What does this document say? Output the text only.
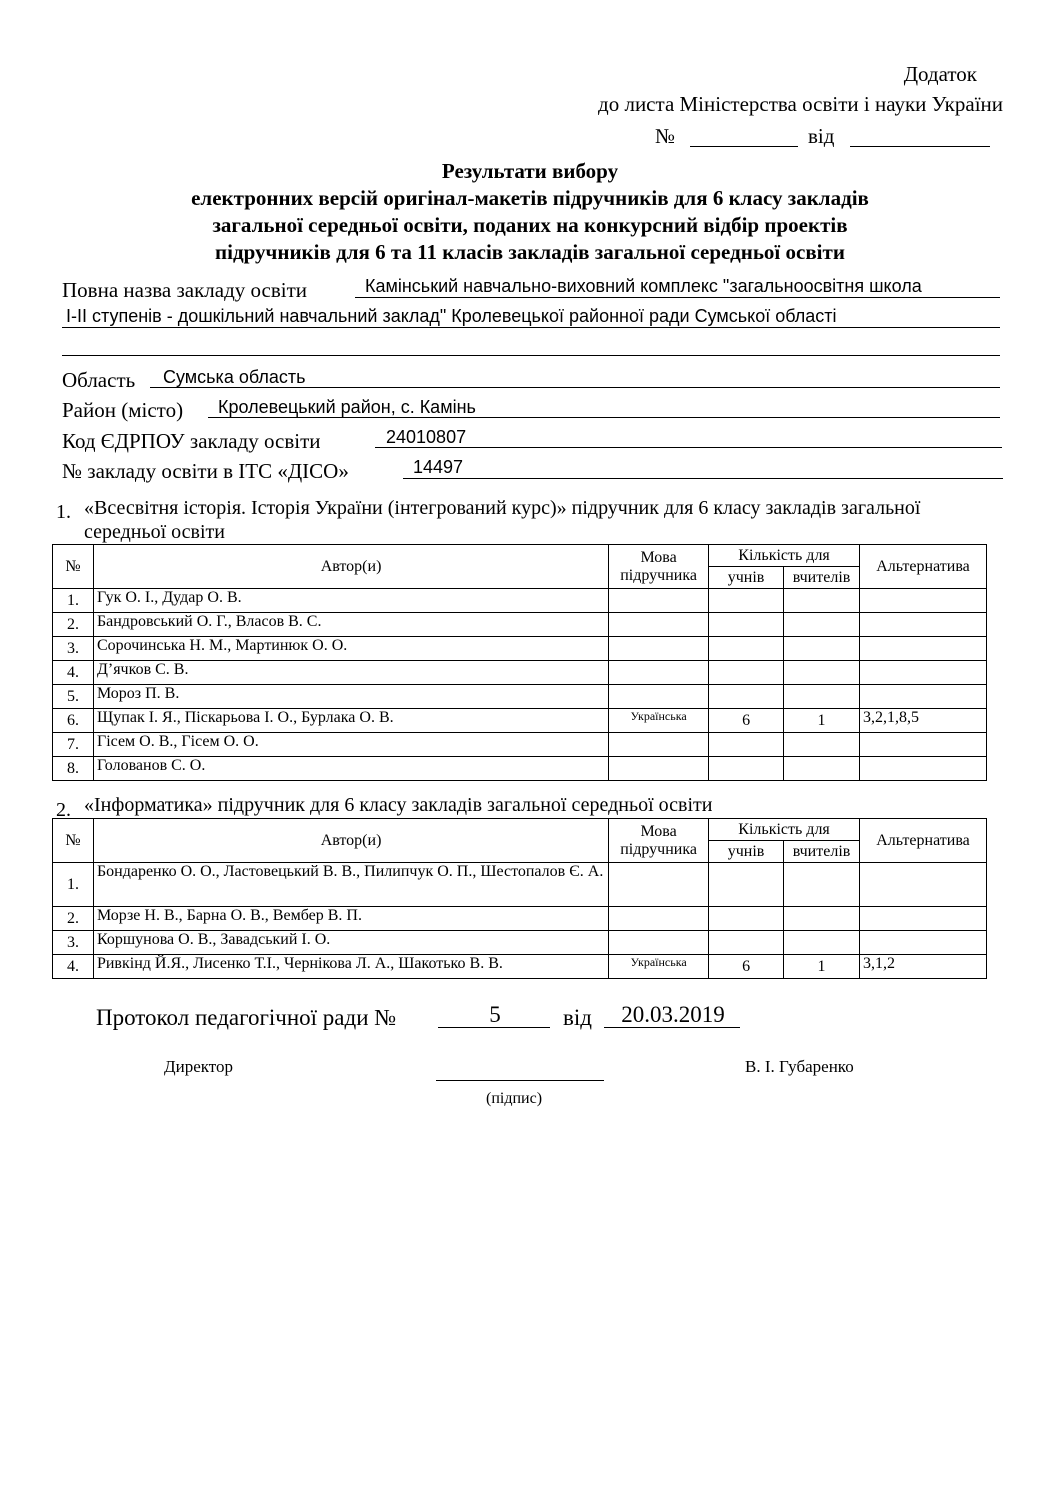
Додаток
до листа Міністерства освіти і науки України
№	від
Результати вибору
електронних версій оригінал-макетів підручників для 6 класу закладів
загальної середньої освіти, поданих на конкурсний відбір проектів
підручників для 6 та 11 класів закладів загальної середньої освіти
Повна назва закладу освіти	Камінський навчально-виховний комплекс "загальноосвітня школа
І-ІІ ступенів - дошкільний навчальний заклад" Кролевецької районної ради Сумської області
Область Сумська область
Район (місто) Кролевецький район, с. Камінь
Код ЄДРПОУ закладу освіти	24010807
№ закладу освіти в ІТС «ДІСО»	14497
1. «Всесвітня історія. Історія України (інтегрований курс)» підручник для 6 класу закладів загальної середньої освіти
№	Автор(и)	Мова підручника	Кількість для		Альтернатива
			учнів	вчителів	
1.	Гук О. І., Дудар О. В.				
2.	Бандровський О. Г., Власов В. С.				
3.	Сорочинська Н. М., Мартинюк О. О.				
4.	Д’ячков С. В.				
5.	Мороз П. В.				
6.	Щупак І. Я., Піскарьова І. О., Бурлака О. В.	Українська	6	1	3,2,1,8,5
7.	Гісем О. В., Гісем О. О.				
8.	Голованов С. О.				
2. «Інформатика» підручник для 6 класу закладів загальної середньої освіти
№	Автор(и)	Мова підручника	Кількість для		Альтернатива
			учнів	вчителів	
1.	Бондаренко О. О., Ластовецький В. В., Пилипчук О. П., Шестопалов Є. А.				
2.	Морзе Н. В., Барна О. В., Вембер В. П.				
3.	Коршунова О. В., Завадський І. О.				
4.	Ривкінд Й.Я., Лисенко Т.І., Чернікова Л. А., Шакотько В. В.	Українська	6	1	3,1,2
Протокол педагогічної ради №	5	від	20.03.2019
Директор
(підпис)
В. І. Губаренко
